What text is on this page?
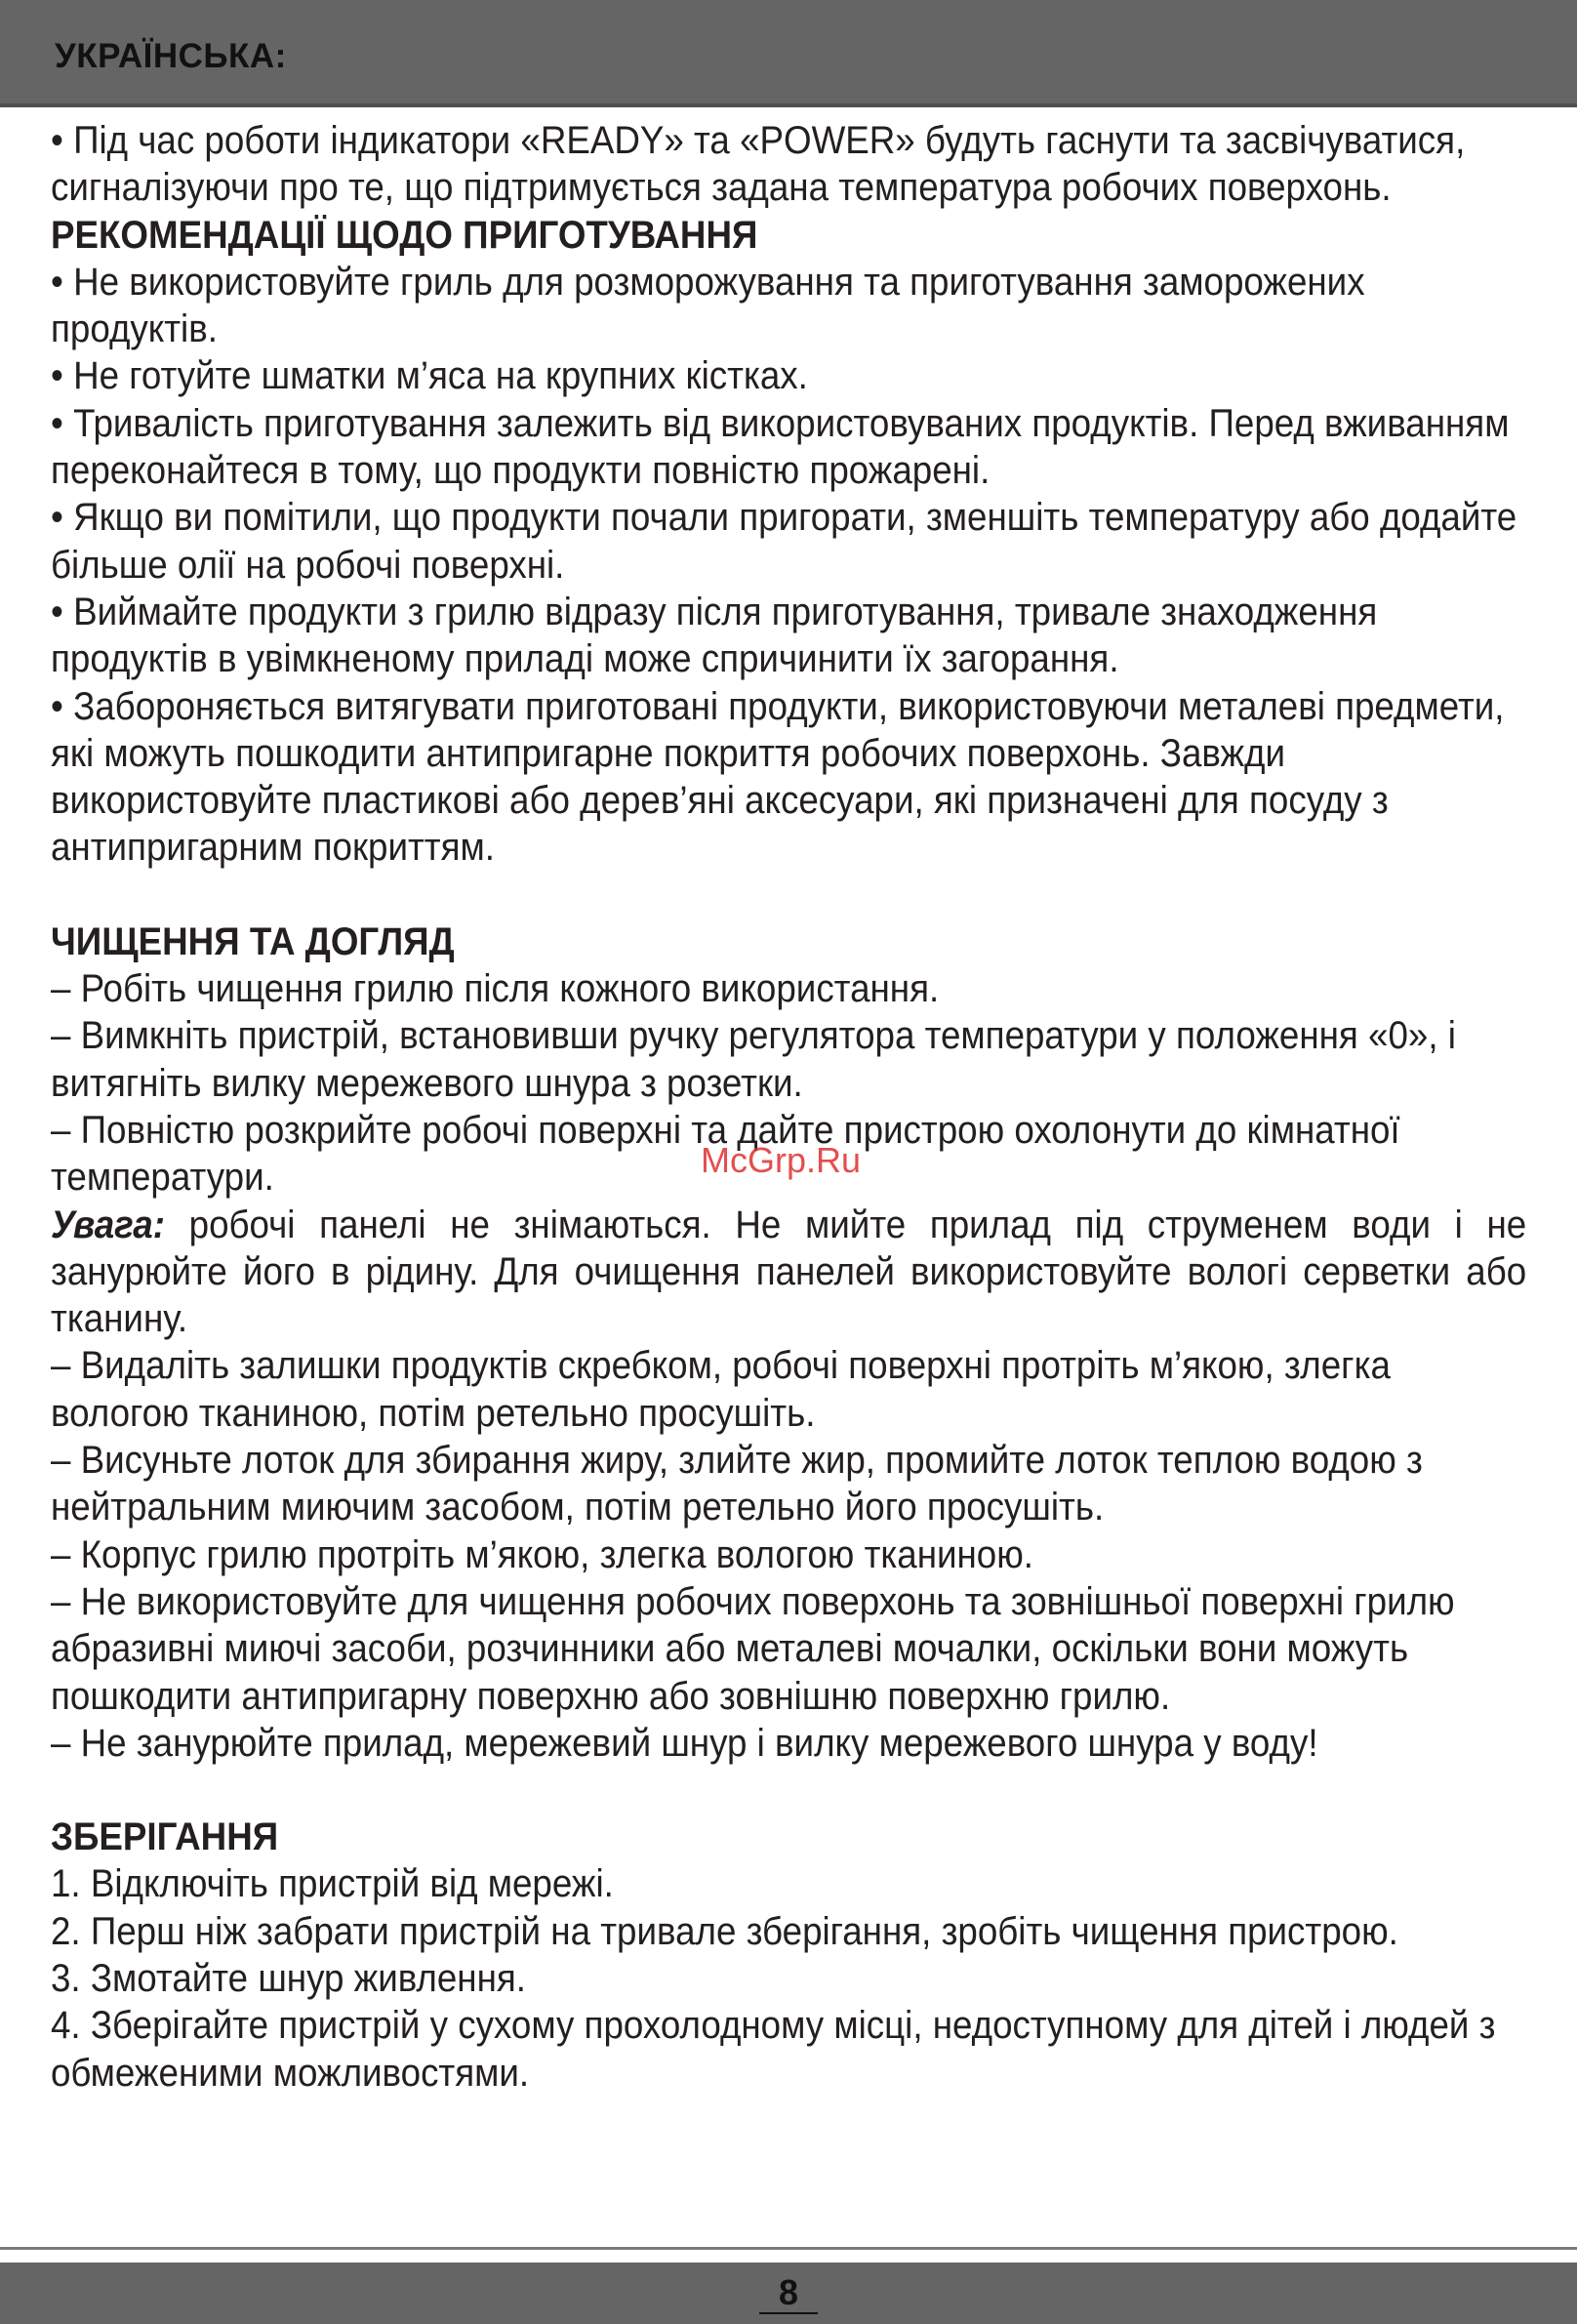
УКРАЇНСЬКА:

• Під час роботи індикатори «READY» та «POWER» будуть гаснути та засвічуватися, сигналізуючи про те, що підтримується задана температура робочих поверхонь.

РЕКОМЕНДАЦІЇ ЩОДО ПРИГОТУВАННЯ

• Не використовуйте гриль для розморожування та приготування заморожених продуктів.

• Не готуйте шматки м’яса на крупних кістках.

• Тривалість приготування залежить від використовуваних продуктів. Перед вживанням переконайтеся в тому, що продукти повністю прожарені.

• Якщо ви помітили, що продукти почали пригорати, зменшіть температуру або додайте більше олії на робочі поверхні.

• Виймайте продукти з грилю відразу після приготування, тривале знаходження продуктів в увімкненому приладі може спричинити їх загорання.

• Забороняється витягувати приготовані продукти, використовуючи металеві предмети, які можуть пошкодити антипригарне покриття робочих поверхонь. Завжди використовуйте пластикові або дерев’яні аксесуари, які призначені для посуду з антипригарним покриттям.

ЧИЩЕННЯ ТА ДОГЛЯД

– Робіть чищення грилю після кожного використання.

– Вимкніть пристрій, встановивши ручку регулятора температури у положення «0», і витягніть вилку мережевого шнура з розетки.

– Повністю розкрийте робочі поверхні та дайте пристрою охолонути до кімнатної температури.

Увага: робочі панелі не знімаються. Не мийте прилад під струменем води і не занурюйте його в рідину. Для очищення панелей використовуйте вологі серветки або тканину.

– Видаліть залишки продуктів скребком, робочі поверхні протріть м’якою, злегка вологою тканиною, потім ретельно просушіть.

– Висуньте лоток для збирання жиру, злийте жир, промийте лоток теплою водою з нейтральним миючим засобом, потім ретельно його просушіть.

– Корпус грилю протріть м’якою, злегка вологою тканиною.

– Не використовуйте для чищення робочих поверхонь та зовнішньої поверхні грилю абразивні миючі засоби, розчинники або металеві мочалки, оскільки вони можуть пошкодити антипригарну поверхню або зовнішню поверхню грилю.

– Не занурюйте прилад, мережевий шнур і вилку мережевого шнура у воду!

ЗБЕРІГАННЯ

1. Відключіть пристрій від мережі.

2. Перш ніж забрати пристрій на тривале зберігання, зробіть чищення пристрою.

3. Змотайте шнур живлення.

4. Зберігайте пристрій у сухому прохолодному місці, недоступному для дітей і людей з обмеженими можливостями.

McGrp.Ru
8
